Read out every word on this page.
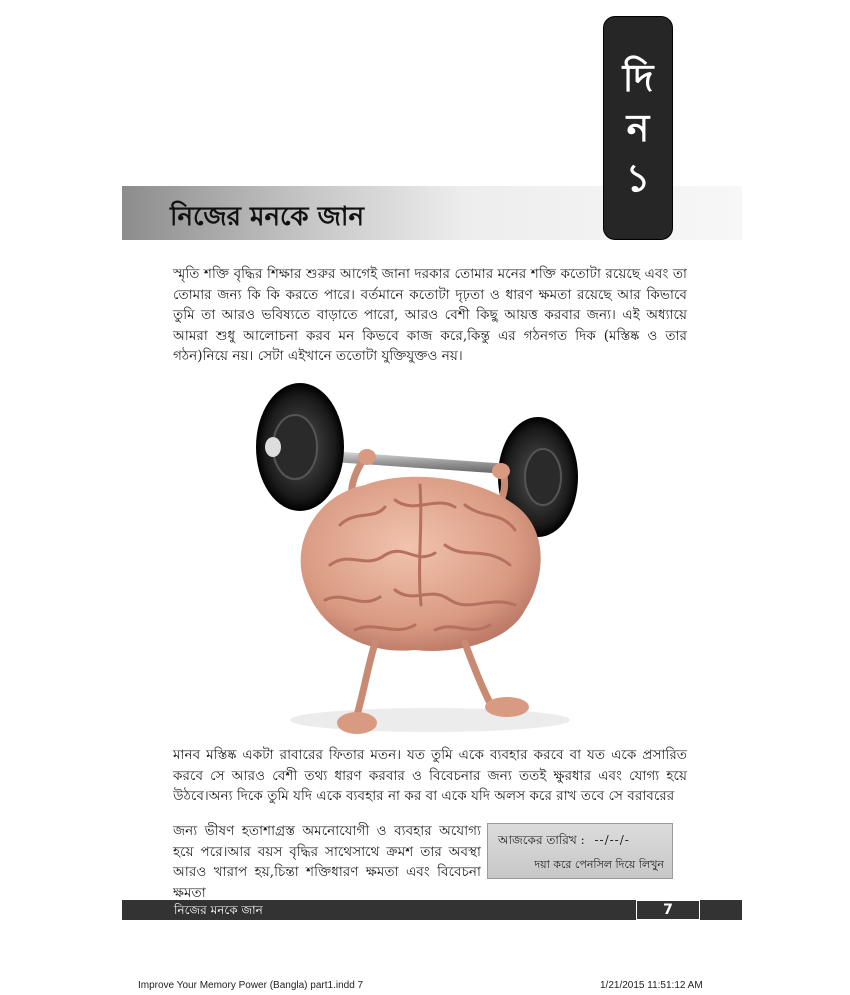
দি
ন
১
নিজের মনকে জান

স্মৃতি শক্তি বৃদ্ধির শিক্ষার শুরুর আগেই জানা দরকার তোমার মনের শক্তি কতোটা রয়েছে এবং তা তোমার জন্য কি কি করতে পারে। বর্তমানে কতোটা দৃঢ়তা ও ধারণ ক্ষমতা রয়েছে আর কিভাবে তুমি তা আরও ভবিষ্যতে বাড়াতে পারো, আরও বেশী কিছু আয়ত্ত করবার জন্য। এই অধ্যায়ে আমরা শুধু আলোচনা করব মন কিভবে কাজ করে,কিন্তু এর গঠনগত দিক (মস্তিষ্ক ও তার গঠন)নিয়ে নয়। সেটা এইখানে ততোটা যুক্তিযুক্তও নয়।

মানব মস্তিষ্ক একটা রাবারের ফিতার মতন। যত তুমি একে ব্যবহার করবে বা যত একে প্রসারিত করবে সে আরও বেশী তথ্য ধারণ করবার ও বিবেচনার জন্য ততই ক্ষুরধার এবং যোগ্য হয়ে উঠবে।অন্য দিকে তুমি যদি একে ব্যবহার না কর বা একে যদি অলস করে রাখ তবে সে বরাবরের

জন্য ভীষণ হতাশাগ্রস্ত অমনোযোগী ও ব্যবহার অযোগ্য হয়ে পরে।আর বয়স বৃদ্ধির সাথেসাথে ক্রমশ তার অবস্থা আরও খারাপ হয়,চিন্তা শক্তিধারণ ক্ষমতা এবং বিবেচনা ক্ষমতা

আজকের তারিখ : --/--/-
দয়া করে পেনসিল দিয়ে লিখুন
নিজের মনকে জান	7
Improve Your Memory Power (Bangla) part1.indd 7	1/21/2015 11:51:12 AM
